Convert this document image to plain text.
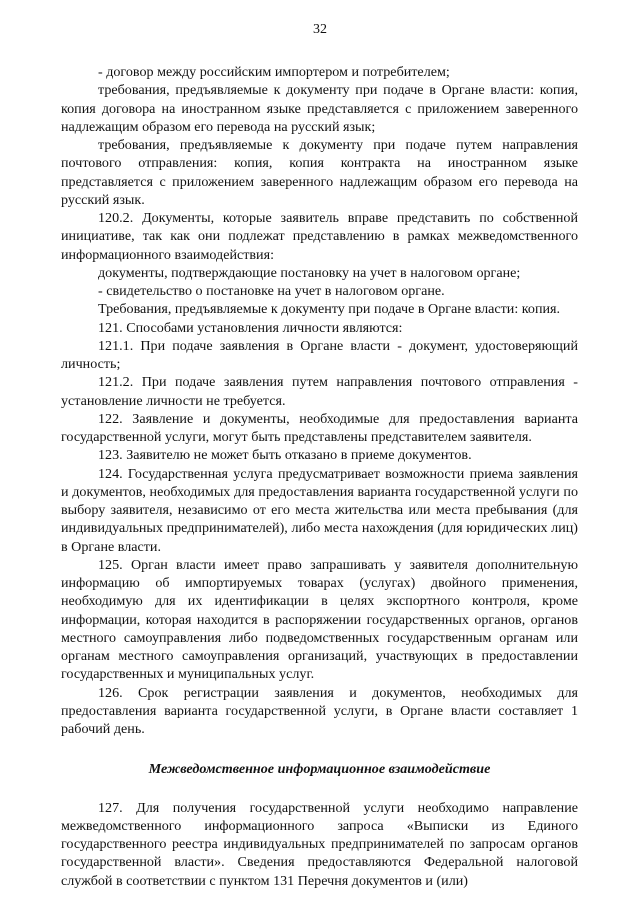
32

- договор между российским импортером и потребителем;

требования, предъявляемые к документу при подаче в Органе власти: копия, копия договора на иностранном языке представляется с приложением заверенного надлежащим образом его перевода на русский язык;

требования, предъявляемые к документу при подаче путем направления почтового отправления: копия, копия контракта на иностранном языке представляется с приложением заверенного надлежащим образом его перевода на русский язык.

120.2. Документы, которые заявитель вправе представить по собственной инициативе, так как они подлежат представлению в рамках межведомственного информационного взаимодействия:

документы, подтверждающие постановку на учет в налоговом органе;

- свидетельство о постановке на учет в налоговом органе.

Требования, предъявляемые к документу при подаче в Органе власти: копия.

121. Способами установления личности являются:

121.1. При подаче заявления в Органе власти - документ, удостоверяющий личность;

121.2. При подаче заявления путем направления почтового отправления - установление личности не требуется.

122. Заявление и документы, необходимые для предоставления варианта государственной услуги, могут быть представлены представителем заявителя.

123. Заявителю не может быть отказано в приеме документов.

124. Государственная услуга предусматривает возможности приема заявления и документов, необходимых для предоставления варианта государственной услуги по выбору заявителя, независимо от его места жительства или места пребывания (для индивидуальных предпринимателей), либо места нахождения (для юридических лиц) в Органе власти.

125. Орган власти имеет право запрашивать у заявителя дополнительную информацию об импортируемых товарах (услугах) двойного применения, необходимую для их идентификации в целях экспортного контроля, кроме информации, которая находится в распоряжении государственных органов, органов местного самоуправления либо подведомственных государственным органам или органам местного самоуправления организаций, участвующих в предоставлении государственных и муниципальных услуг.

126. Срок регистрации заявления и документов, необходимых для предоставления варианта государственной услуги, в Органе власти составляет 1 рабочий день.

Межведомственное информационное взаимодействие

127. Для получения государственной услуги необходимо направление межведомственного информационного запроса «Выписки из Единого государственного реестра индивидуальных предпринимателей по запросам органов государственной власти». Сведения предоставляются Федеральной налоговой службой в соответствии с пунктом 131 Перечня документов и (или)
